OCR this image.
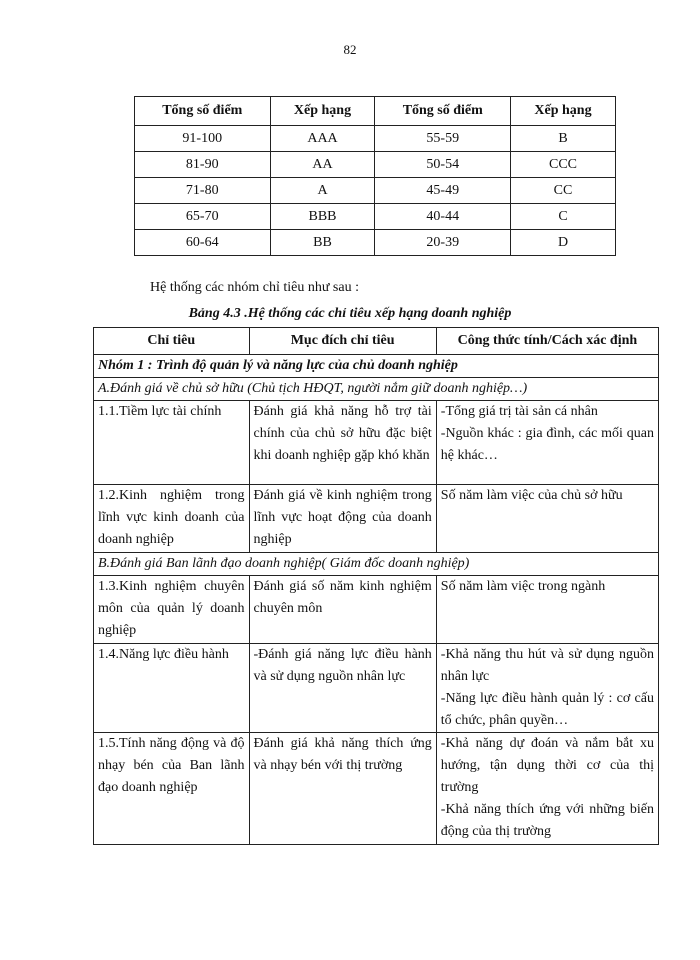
82
Tổng số điểm	Xếp hạng	Tổng số điểm	Xếp hạng
91-100	AAA	55-59	B
81-90	AA	50-54	CCC
71-80	A	45-49	CC
65-70	BBB	40-44	C
60-64	BB	20-39	D
Hệ thống các nhóm chỉ tiêu như sau :
Bảng 4.3 .Hệ thống các chỉ tiêu xếp hạng doanh nghiệp
Chỉ tiêu	Mục đích chỉ tiêu	Công thức tính/Cách xác định
Nhóm 1 : Trình độ quản lý và năng lực của chủ doanh nghiệp		
A.Đánh giá về chủ sở hữu (Chủ tịch HĐQT, người nắm giữ doanh nghiệp…)		
1.1.Tiềm lực tài chính	Đánh giá khả năng hỗ trợ tài chính của chủ sở hữu đặc biệt khi doanh nghiệp gặp khó khăn	-Tổng giá trị tài sản cá nhân
-Nguồn khác : gia đình, các mối quan hệ khác…

1.2.Kinh nghiệm trong lĩnh vực kinh doanh của doanh nghiệp	Đánh giá về kinh nghiệm trong lĩnh vực hoạt động của doanh nghiệp	Số năm làm việc của chủ sở hữu

B.Đánh giá Ban lãnh đạo doanh nghiệp( Giám đốc doanh nghiệp)		
1.3.Kinh nghiệm chuyên môn của quản lý doanh nghiệp	Đánh giá số năm kinh nghiệm chuyên môn	Số năm làm việc trong ngành

1.4.Năng lực điều hành	-Đánh giá năng lực điều hành và sử dụng nguồn nhân lực	-Khả năng thu hút và sử dụng nguồn nhân lực
-Năng lực điều hành quản lý : cơ cấu tổ chức, phân quyền…

1.5.Tính năng động và độ nhạy bén của Ban lãnh đạo doanh nghiệp	Đánh giá khả năng thích ứng và nhạy bén với thị trường	-Khả năng dự đoán và nắm bắt xu hướng, tận dụng thời cơ của thị trường
-Khả năng thích ứng với những biến động của thị trường
